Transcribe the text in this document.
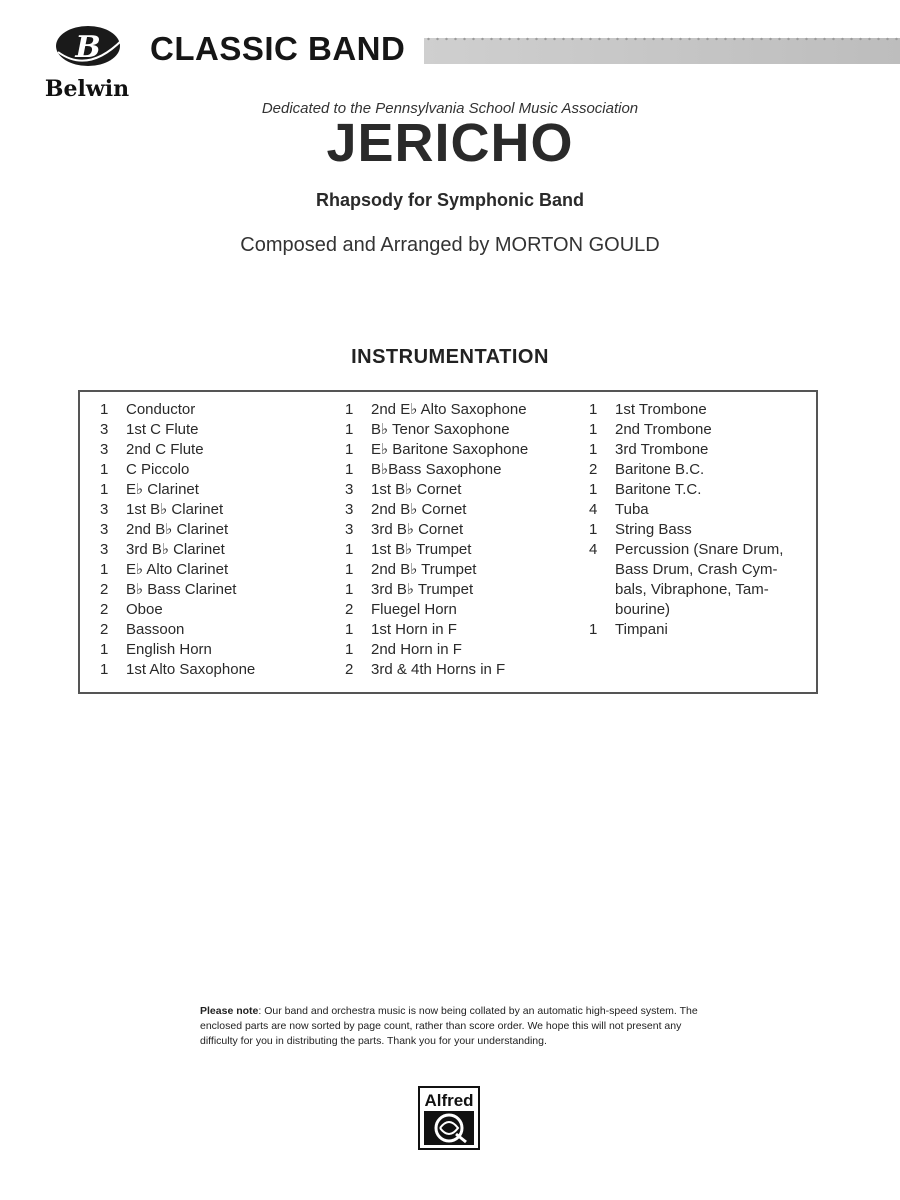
B
Belwin
CLASSIC BAND
Dedicated to the Pennsylvania School Music Association
JERICHO
Rhapsody for Symphonic Band
Composed and Arranged by MORTON GOULD
INSTRUMENTATION
1	Conductor
3	1st C Flute
3	2nd C Flute
1	C Piccolo
1	E♭ Clarinet
3	1st B♭ Clarinet
3	2nd B♭ Clarinet
3	3rd B♭ Clarinet
1	E♭ Alto Clarinet
2	B♭ Bass Clarinet
2	Oboe
2	Bassoon
1	English Horn
1	1st Alto Saxophone
1	2nd E♭ Alto Saxophone
1	B♭ Tenor Saxophone
1	E♭ Baritone Saxophone
1	B♭Bass Saxophone
3	1st B♭ Cornet
3	2nd B♭ Cornet
3	3rd B♭ Cornet
1	1st B♭ Trumpet
1	2nd B♭ Trumpet
1	3rd B♭ Trumpet
2	Fluegel Horn
1	1st Horn in F
1	2nd Horn in F
2	3rd & 4th Horns in F
1	1st Trombone
1	2nd Trombone
1	3rd Trombone
2	Baritone B.C.
1	Baritone T.C.
4	Tuba
1	String Bass
4	Percussion (Snare Drum,
Bass Drum, Crash Cym-
bals, Vibraphone, Tam-
bourine)
1	Timpani
Please note: Our band and orchestra music is now being collated by an automatic high-speed system. The enclosed parts are now sorted by page count, rather than score order. We hope this will not present any difficulty for you in distributing the parts. Thank you for your understanding.
Alfred
